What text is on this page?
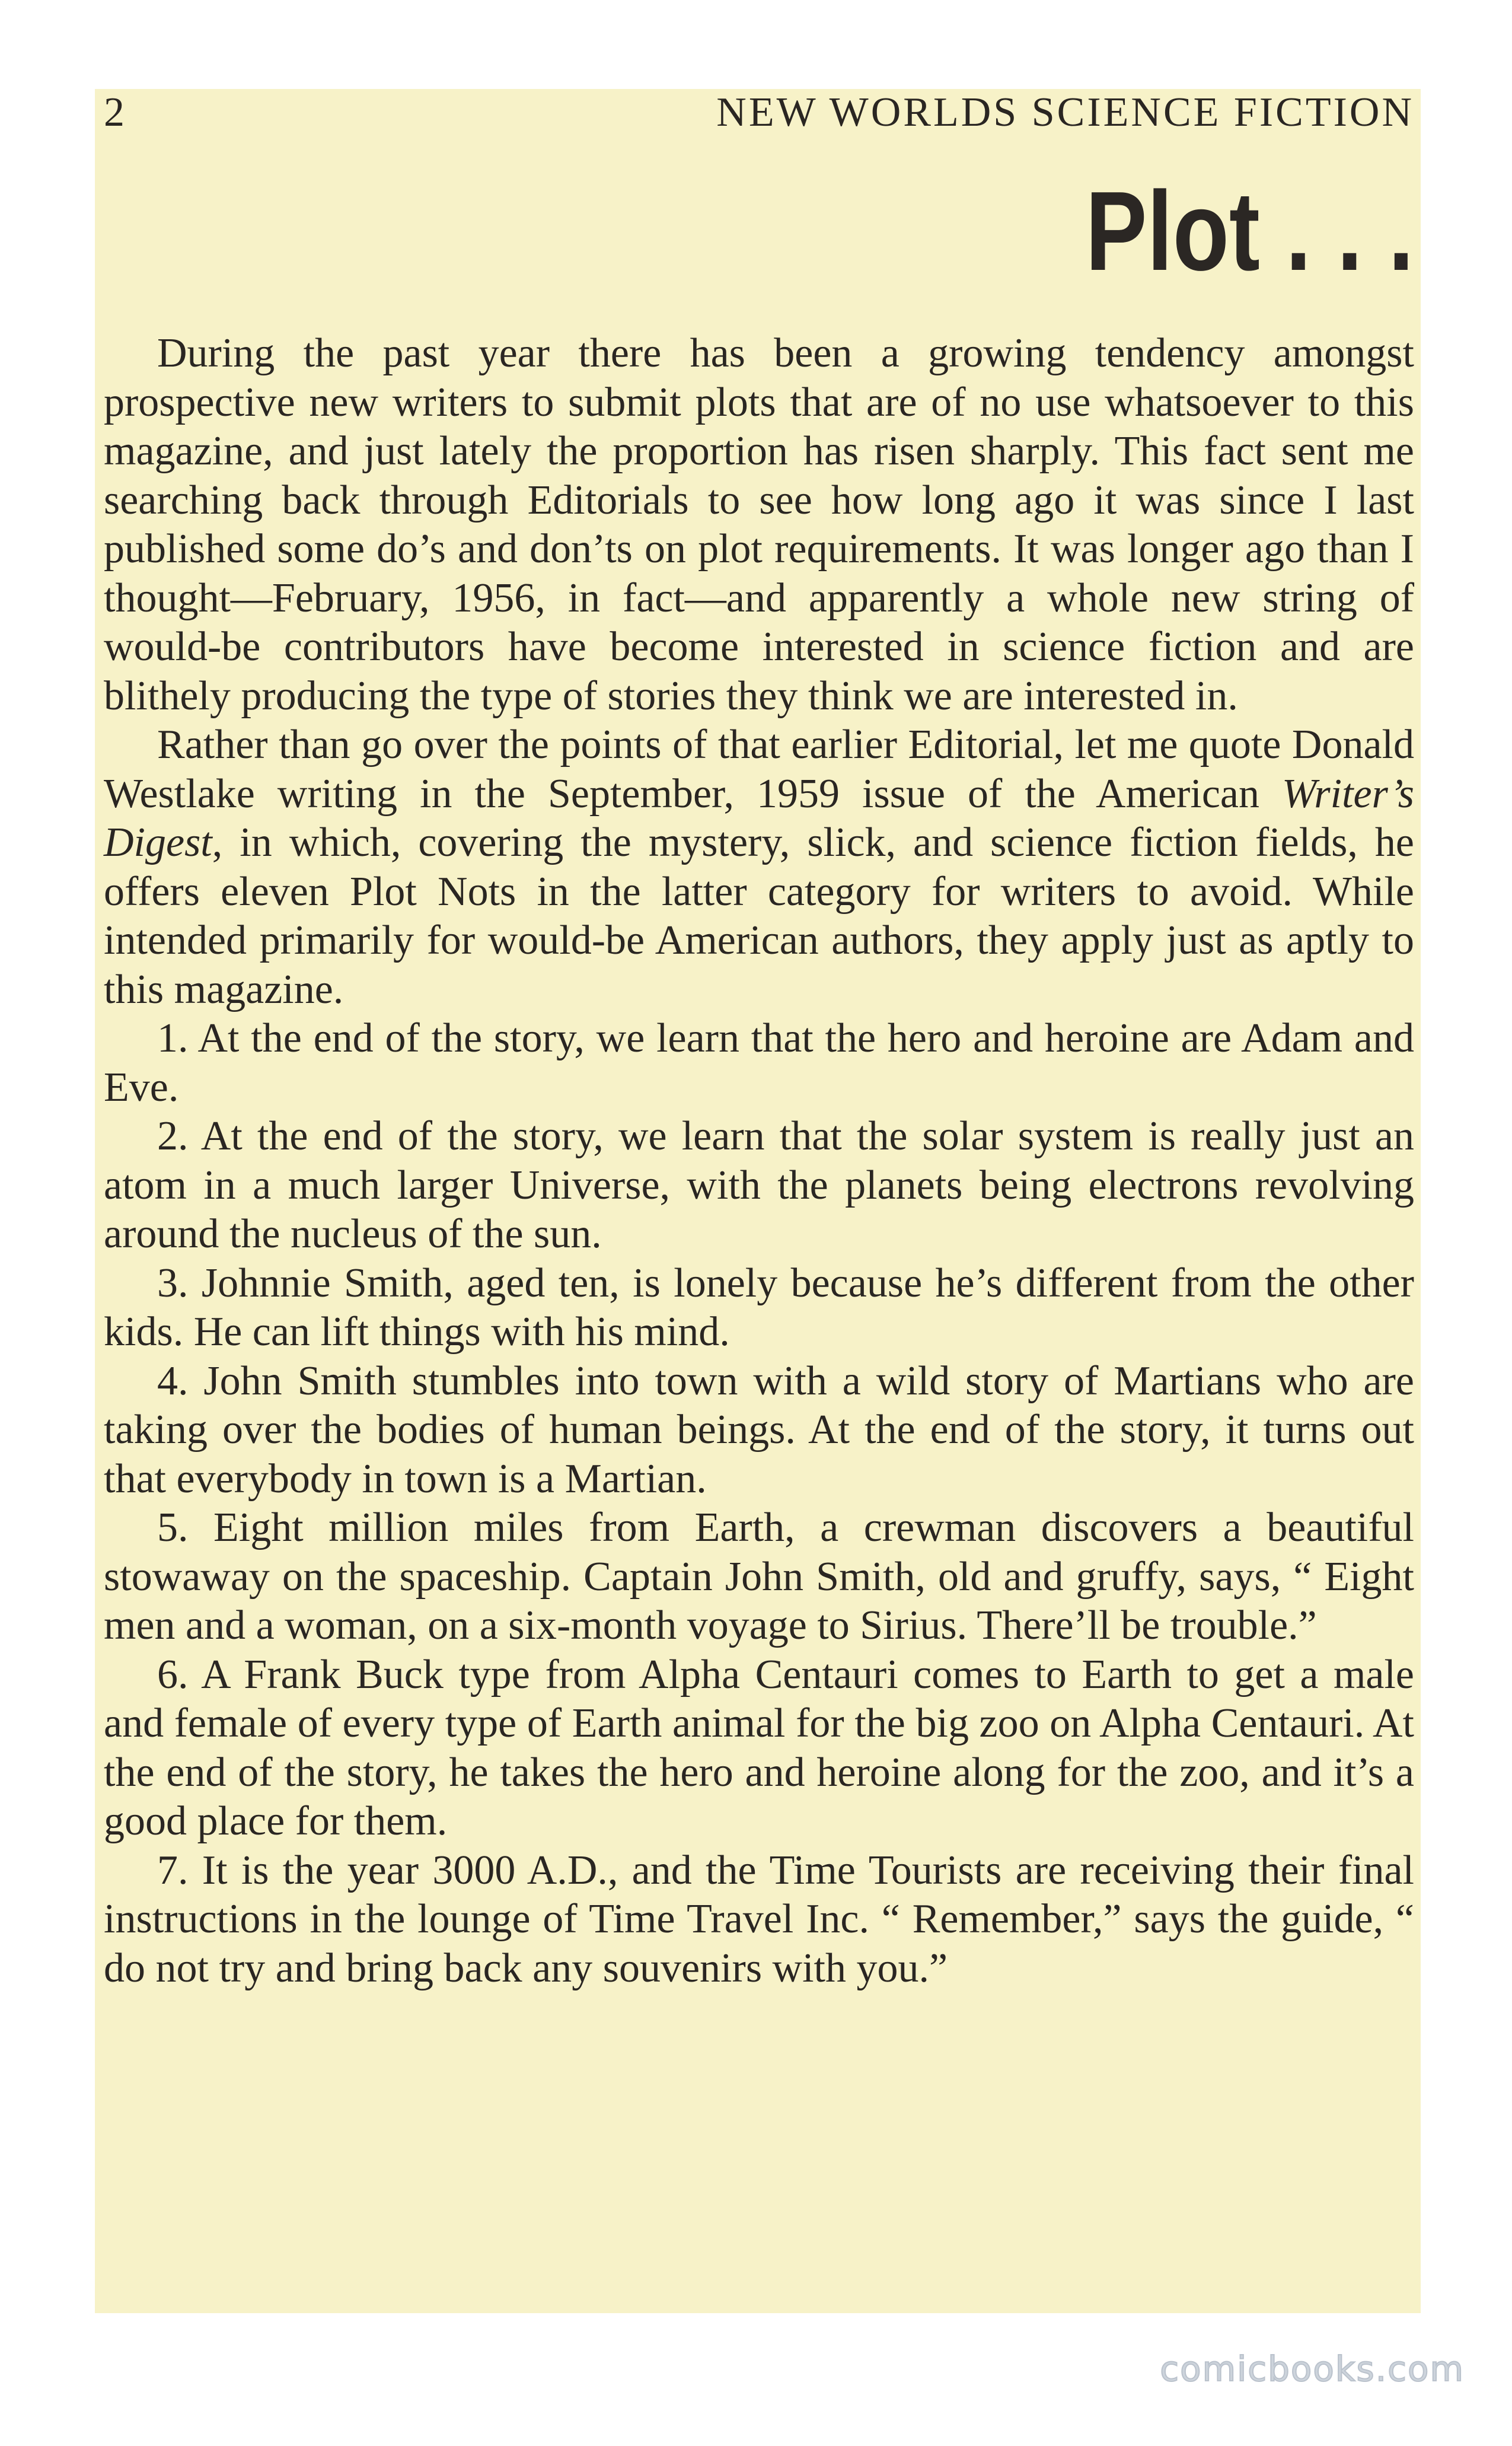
2	NEW WORLDS SCIENCE FICTION
Plot . . .

During the past year there has been a growing tendency amongst prospective new writers to submit plots that are of no use whatsoever to this magazine, and just lately the proportion has risen sharply. This fact sent me searching back through Editorials to see how long ago it was since I last published some do’s and don’ts on plot requirements. It was longer ago than I thought—February, 1956, in fact—and apparently a whole new string of would-be contributors have become interested in science fiction and are blithely producing the type of stories they think we are interested in.

Rather than go over the points of that earlier Editorial, let me quote Donald Westlake writing in the September, 1959 issue of the American Writer’s Digest, in which, covering the mystery, slick, and science fiction fields, he offers eleven Plot Nots in the latter category for writers to avoid. While intended primarily for would-be American authors, they apply just as aptly to this magazine.

1. At the end of the story, we learn that the hero and heroine are Adam and Eve.

2. At the end of the story, we learn that the solar system is really just an atom in a much larger Universe, with the planets being electrons revolving around the nucleus of the sun.

3. Johnnie Smith, aged ten, is lonely because he’s different from the other kids. He can lift things with his mind.

4. John Smith stumbles into town with a wild story of Martians who are taking over the bodies of human beings. At the end of the story, it turns out that everybody in town is a Martian.

5. Eight million miles from Earth, a crewman discovers a beautiful stowaway on the spaceship. Captain John Smith, old and gruffy, says, “ Eight men and a woman, on a six-month voyage to Sirius. There’ll be trouble.”

6. A Frank Buck type from Alpha Centauri comes to Earth to get a male and female of every type of Earth animal for the big zoo on Alpha Centauri. At the end of the story, he takes the hero and heroine along for the zoo, and it’s a good place for them.

7. It is the year 3000 A.D., and the Time Tourists are receiving their final instructions in the lounge of Time Travel Inc. “ Remember,” says the guide, “ do not try and bring back any souvenirs with you.”

comicbooks.com
